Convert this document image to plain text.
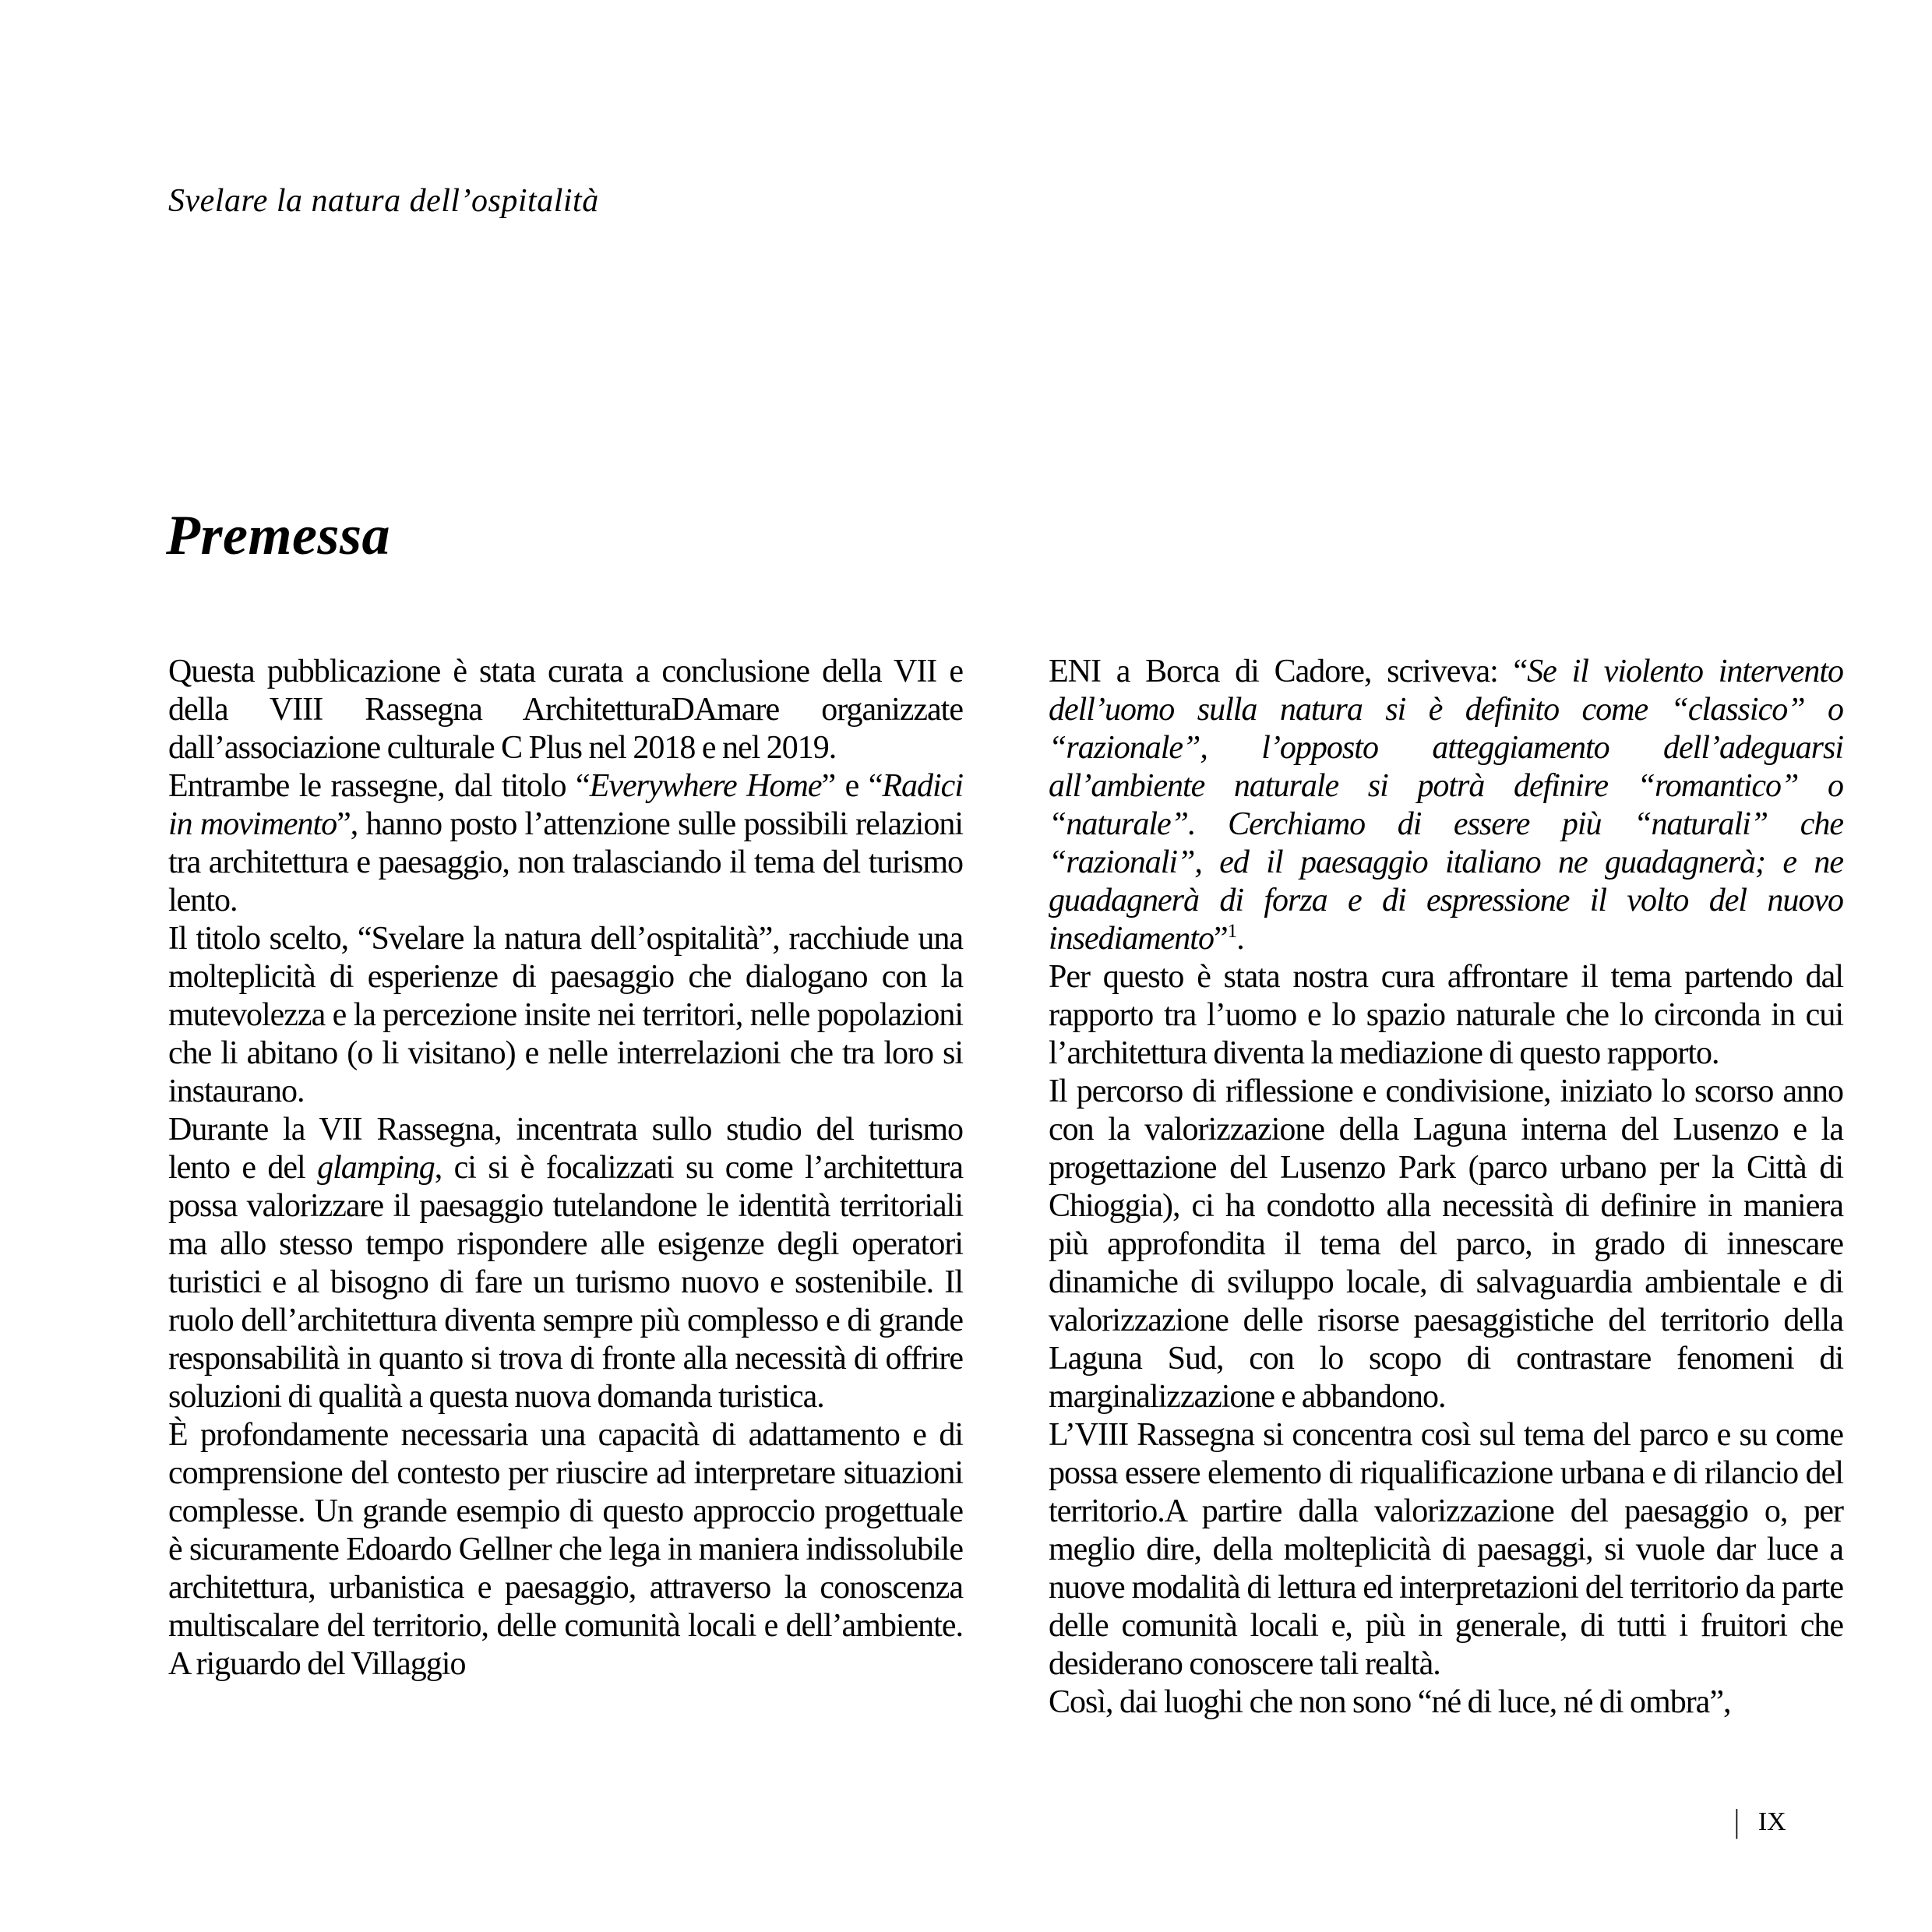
Svelare la natura dell’ospitalità
Premessa

Questa pubblicazione è stata curata a conclusione della VII e della VIII Rassegna ArchitetturaDAmare organizzate dall’associazione culturale C Plus nel 2018 e nel 2019.

Entrambe le rassegne, dal titolo “Everywhere Home” e “Radici in movimento”, hanno posto l’attenzione sulle possibili relazioni tra architettura e paesaggio, non tralasciando il tema del turismo lento.

Il titolo scelto, “Svelare la natura dell’ospitalità”, racchiude una molteplicità di esperienze di paesaggio che dialogano con la mutevolezza e la percezione insite nei territori, nelle popolazioni che li abitano (o li visitano) e nelle interrelazioni che tra loro si instaurano.

Durante la VII Rassegna, incentrata sullo studio del turismo lento e del glamping, ci si è focalizzati su come l’architettura possa valorizzare il paesaggio tutelandone le identità territoriali ma allo stesso tempo rispondere alle esigenze degli operatori turistici e al bisogno di fare un turismo nuovo e sostenibile. Il ruolo dell’architettura diventa sempre più complesso e di grande responsabilità in quanto si trova di fronte alla necessità di offrire soluzioni di qualità a questa nuova domanda turistica.

È profondamente necessaria una capacità di adattamento e di comprensione del contesto per riuscire ad interpretare situazioni complesse. Un grande esempio di questo approccio progettuale è sicuramente Edoardo Gellner che lega in maniera indissolubile architettura, urbanistica e paesaggio, attraverso la conoscenza multiscalare del territorio, delle comunità locali e dell’ambiente. A riguardo del Villaggio

ENI a Borca di Cadore, scriveva: “Se il violento intervento dell’uomo sulla natura si è definito come “classico” o “razionale”, l’opposto atteggiamento dell’adeguarsi all’ambiente naturale si potrà definire “romantico” o “naturale”. Cerchiamo di essere più “naturali” che “razionali”, ed il paesaggio italiano ne guadagnerà; e ne guadagnerà di forza e di espressione il volto del nuovo insediamento”$^1$.

Per questo è stata nostra cura affrontare il tema partendo dal rapporto tra l’uomo e lo spazio naturale che lo circonda in cui l’architettura diventa la mediazione di questo rapporto.

Il percorso di riflessione e condivisione, iniziato lo scorso anno con la valorizzazione della Laguna interna del Lusenzo e la progettazione del Lusenzo Park (parco urbano per la Città di Chioggia), ci ha condotto alla necessità di definire in maniera più approfondita il tema del parco, in grado di innescare dinamiche di sviluppo locale, di salvaguardia ambientale e di valorizzazione delle risorse paesaggistiche del territorio della Laguna Sud, con lo scopo di contrastare fenomeni di marginalizzazione e abbandono.

L’VIII Rassegna si concentra così sul tema del parco e su come possa essere elemento di riqualificazione urbana e di rilancio del territorio.A partire dalla valorizzazione del paesaggio o, per meglio dire, della molteplicità di paesaggi, si vuole dar luce a nuove modalità di lettura ed interpretazioni del territorio da parte delle comunità locali e, più in generale, di tutti i fruitori che desiderano conoscere tali realtà.

Così, dai luoghi che non sono “né di luce, né di ombra”,

| IX
